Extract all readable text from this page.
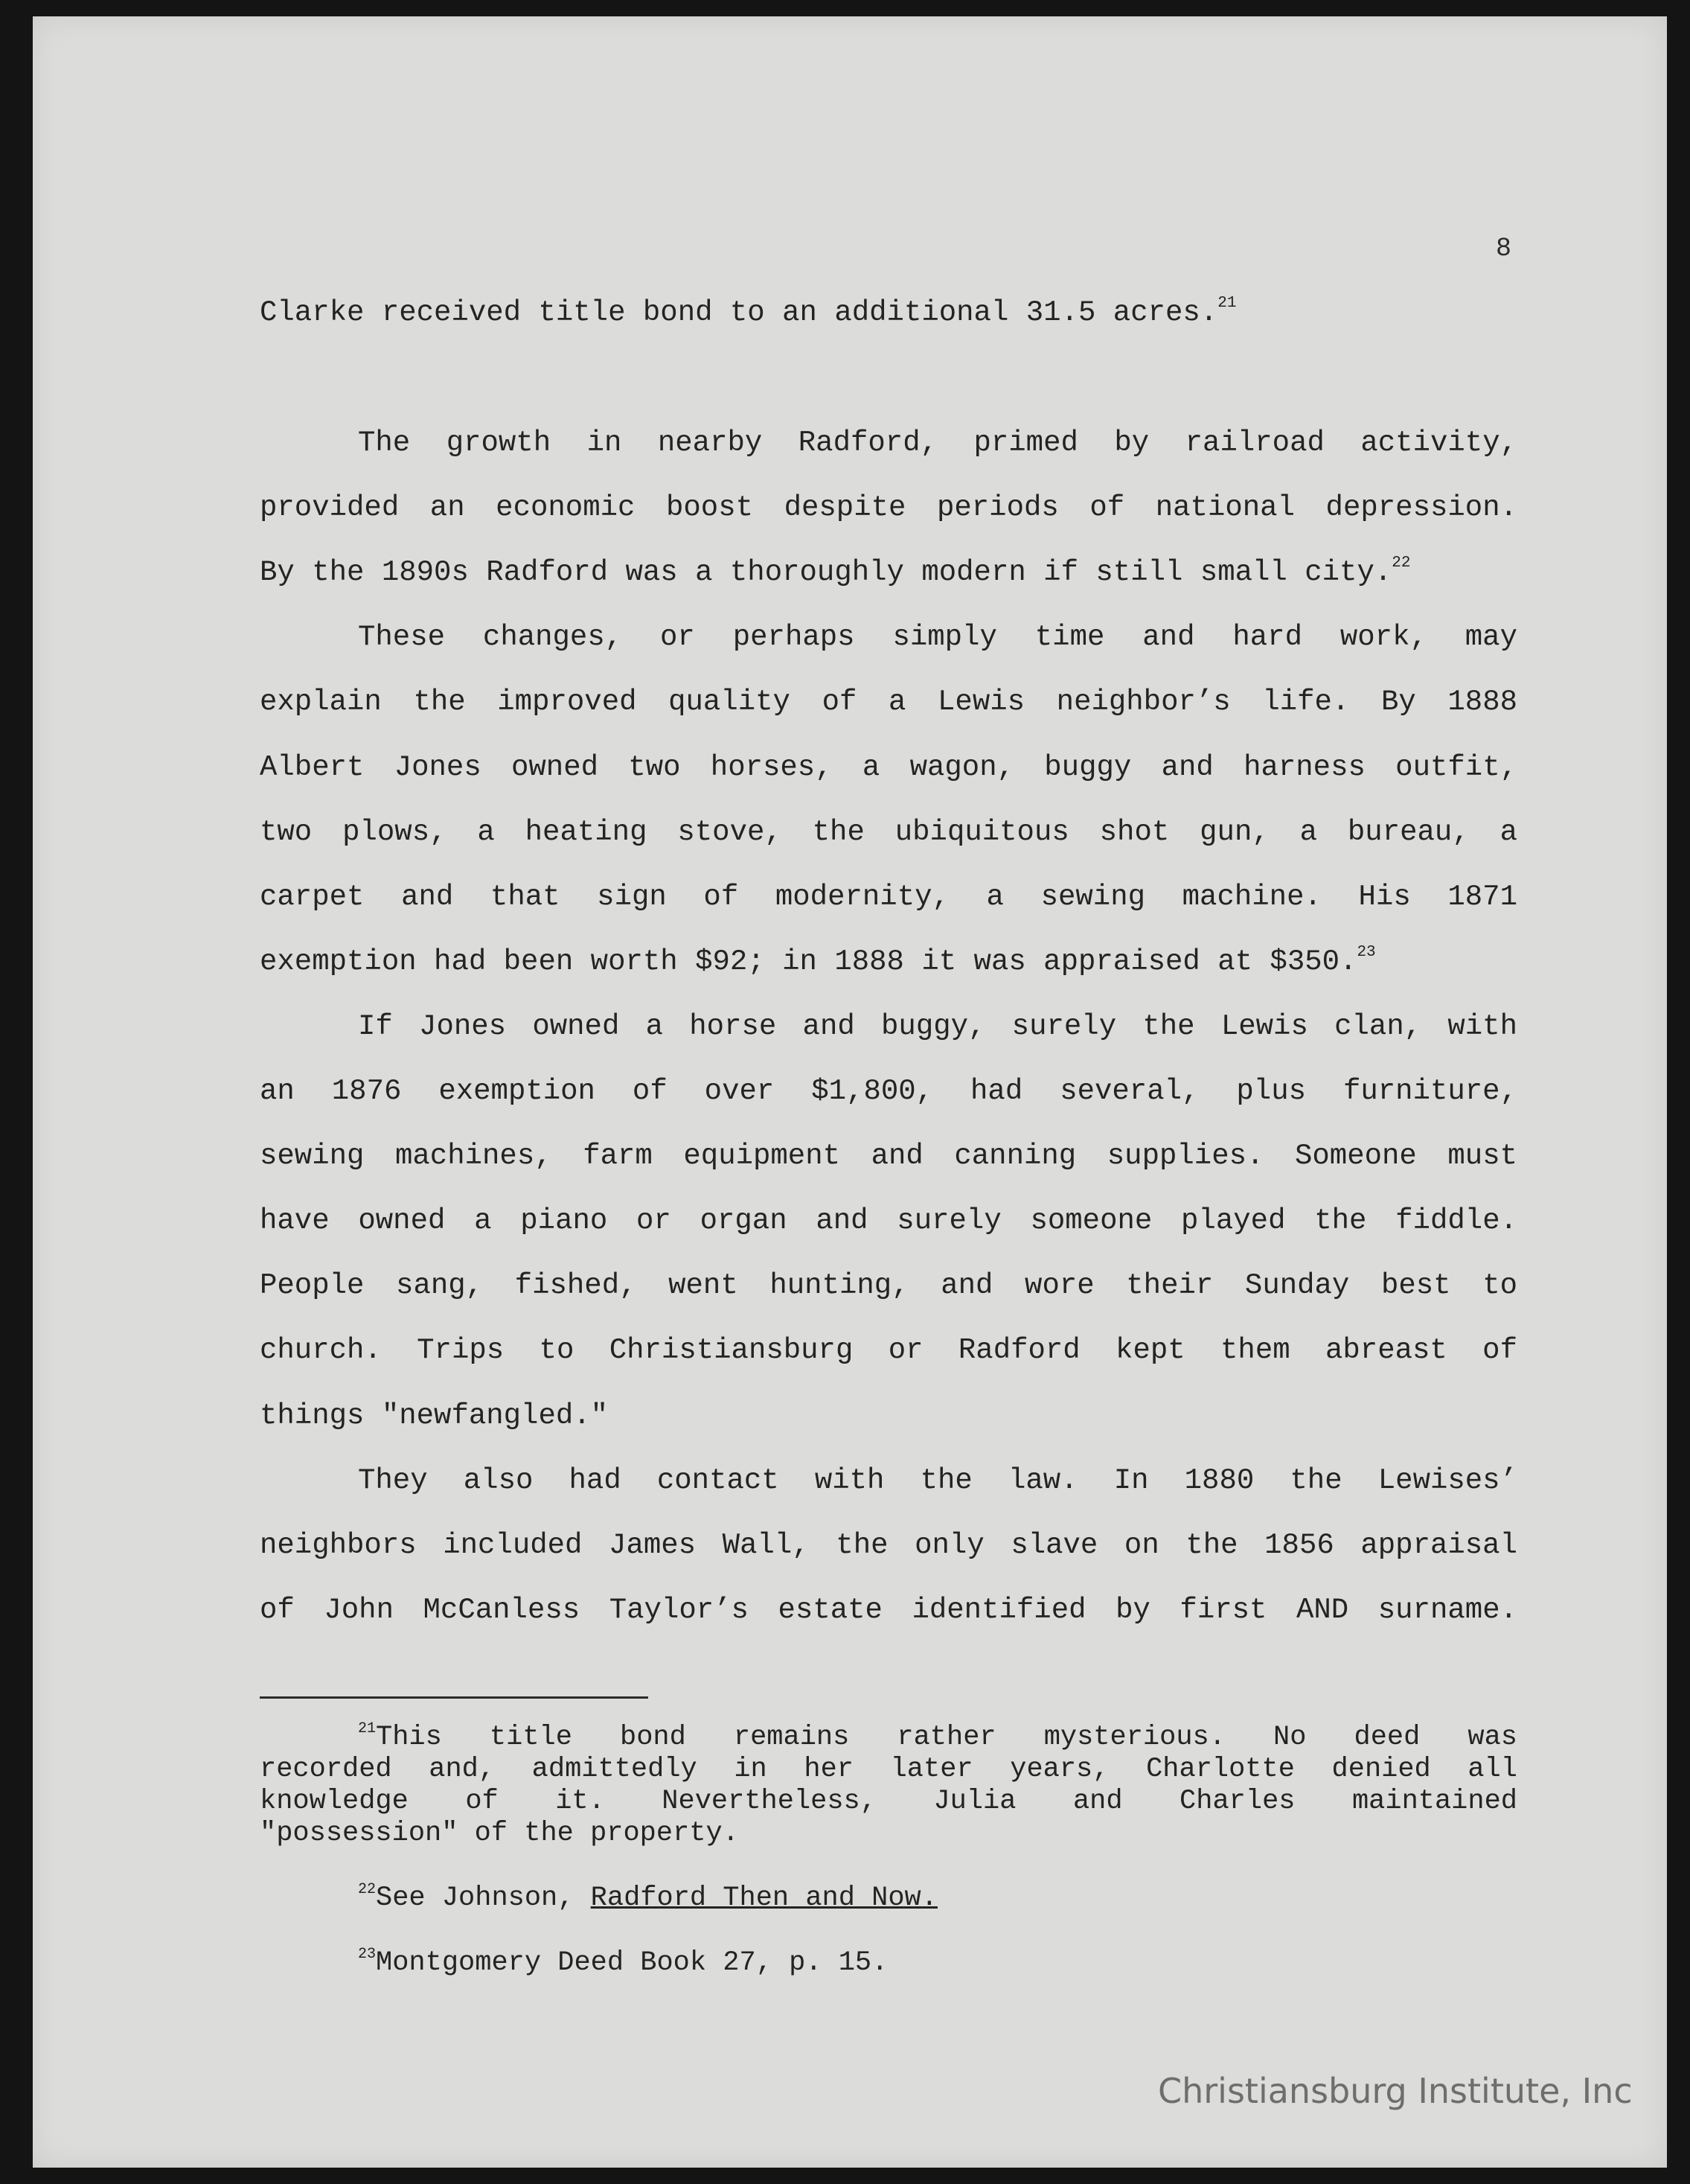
8
Clarke received title bond to an additional 31.5 acres.$^{21}$
The growth in nearby Radford, primed by railroad activity,
provided an economic boost despite periods of national depression.
By the 1890s Radford was a thoroughly modern if still small city.$^{22}$
These changes, or perhaps simply time and hard work, may
explain the improved quality of a Lewis neighbor’s life. By 1888
Albert Jones owned two horses, a wagon, buggy and harness outfit,
two plows, a heating stove, the ubiquitous shot gun, a bureau, a
carpet and that sign of modernity, a sewing machine. His 1871
exemption had been worth $92; in 1888 it was appraised at $350.23
If Jones owned a horse and buggy, surely the Lewis clan, with
an 1876 exemption of over $1,800, had several, plus furniture,
sewing machines, farm equipment and canning supplies. Someone must
have owned a piano or organ and surely someone played the fiddle.
People sang, fished, went hunting, and wore their Sunday best to
church. Trips to Christiansburg or Radford kept them abreast of
things "newfangled."
They also had contact with the law. In 1880 the Lewises’
neighbors included James Wall, the only slave on the 1856 appraisal
of John McCanless Taylor’s estate identified by first AND surname.
$^{21}$This title bond remains rather mysterious. No deed was
recorded and, admittedly in her later years, Charlotte denied all
knowledge of it. Nevertheless, Julia and Charles maintained
"possession" of the property.
$^{22}$See Johnson, Radford Then and Now.
$^{23}$Montgomery Deed Book 27, p. 15.
Christiansburg Institute, Inc
